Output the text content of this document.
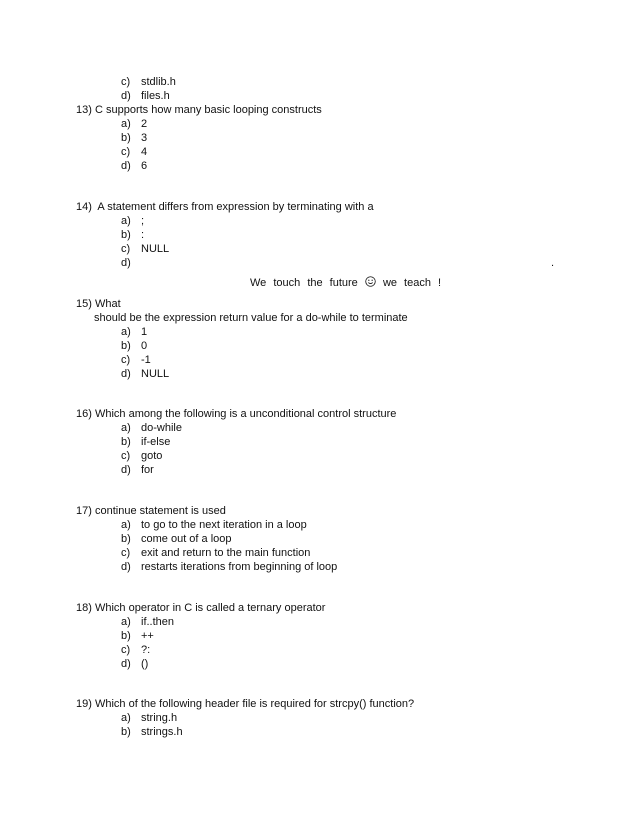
c) stdlib.h
d) files.h
13) C supports how many basic looping constructs
a) 2
b) 3
c) 4
d) 6
14) A statement differs from expression by terminating with a
a) ;
b) :
c) NULL
d)	.
We touch the future we teach !
15) What
should be the expression return value for a do-while to terminate
a) 1
b) 0
c) -1
d) NULL
16) Which among the following is a unconditional control structure
a) do-while
b) if-else
c) goto
d) for
17) continue statement is used
a) to go to the next iteration in a loop
b) come out of a loop
c) exit and return to the main function
d) restarts iterations from beginning of loop
18) Which operator in C is called a ternary operator
a) if..then
b) ++
c) ?:
d) ()
19) Which of the following header file is required for strcpy() function?
a) string.h
b) strings.h
